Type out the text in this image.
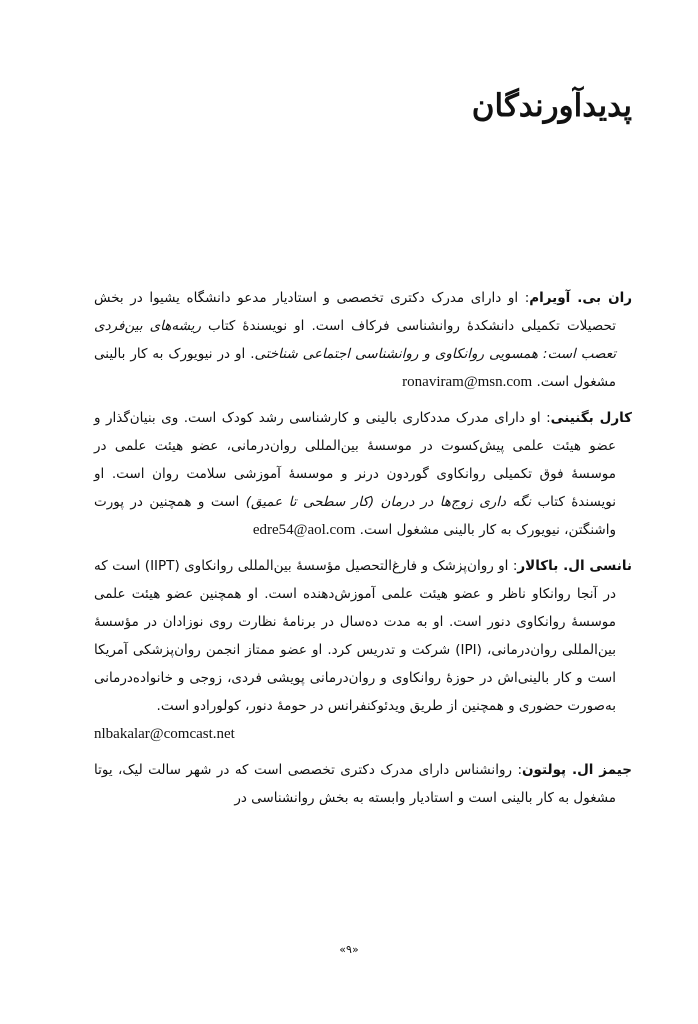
پدیدآورندگان

ران بی. آویرام: او دارای مدرک دکتری تخصصی و استادیار مدعو دانشگاه یشیوا در بخش تحصیلات تکمیلی دانشکدهٔ روانشناسی فرکاف است. او نویسندهٔ کتاب ریشه‌های بین‌فردی تعصب است: همسویی روانکاوی و روانشناسی اجتماعی شناختی. او در نیویورک به کار بالینی مشغول است. ronaviram@msn.com

کارل بگنینی: او دارای مدرک مددکاری بالینی و کارشناسی رشد کودک است. وی بنیان‌گذار و عضو هیئت علمی پیش‌کسوت در موسسهٔ بین‌المللی روان‌درمانی، عضو هیئت علمی در موسسهٔ فوق تکمیلی روانکاوی گوردون درنر و موسسهٔ آموزشی سلامت روان است. او نویسندهٔ کتاب نگه داری زوج‌ها در درمان (کار سطحی تا عمیق) است و همچنین در پورت واشنگتن، نیویورک به کار بالینی مشغول است. edre54@aol.com

نانسی ال. باکالار: او روان‌پزشک و فارغ‌التحصیل مؤسسهٔ بین‌المللی روانکاوی (IIPT) است که در آنجا روانکاو ناظر و عضو هیئت علمی آموزش‌دهنده است. او همچنین عضو هیئت علمی موسسهٔ روانکاوی دنور است. او به مدت ده‌سال در برنامهٔ نظارت روی نوزادان در مؤسسهٔ بین‌المللی روان‌درمانی، (IPI) شرکت و تدریس کرد. او عضو ممتاز انجمن روان‌پزشکی آمریکا است و کار بالینی‌اش در حوزهٔ روانکاوی و روان‌درمانی پویشی فردی، زوجی و خانواده‌درمانی به‌صورت حضوری و همچنین از طریق ویدئوکنفرانس در حومهٔ دنور، کولورادو است.
nlbakalar@comcast.net

جیمز ال. پولتون: روانشناس دارای مدرک دکتری تخصصی است که در شهر سالت لیک، یوتا مشغول به کار بالینی است و استادیار وابسته به بخش روانشناسی در

«۹»
